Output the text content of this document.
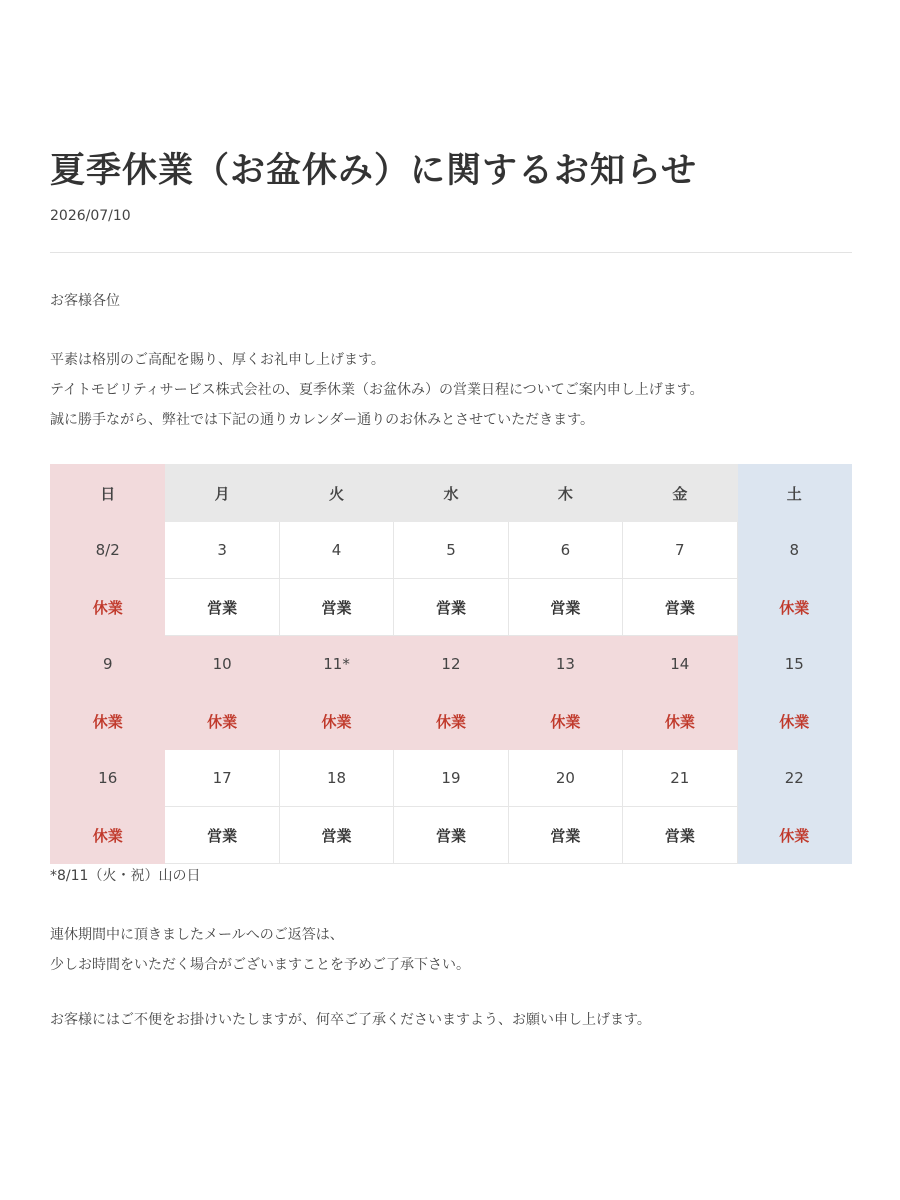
夏季休業（お盆休み）に関するお知らせ
2026/07/10
お客様各位
平素は格別のご高配を賜り、厚くお礼申し上げます。
テイトモビリティサービス株式会社の、夏季休業（お盆休み）の営業日程についてご案内申し上げます。
誠に勝手ながら、弊社では下記の通りカレンダー通りのお休みとさせていただきます。
日	月	火	水	木	金	土
8/2	3	4	5	6	7	8
休業	営業	営業	営業	営業	営業	休業
9	10	11*	12	13	14	15
休業	休業	休業	休業	休業	休業	休業
16	17	18	19	20	21	22
休業	営業	営業	営業	営業	営業	休業
*8/11（火・祝）山の日
連休期間中に頂きましたメールへのご返答は、
少しお時間をいただく場合がございますことを予めご了承下さい。
お客様にはご不便をお掛けいたしますが、何卒ご了承くださいますよう、お願い申し上げます。
